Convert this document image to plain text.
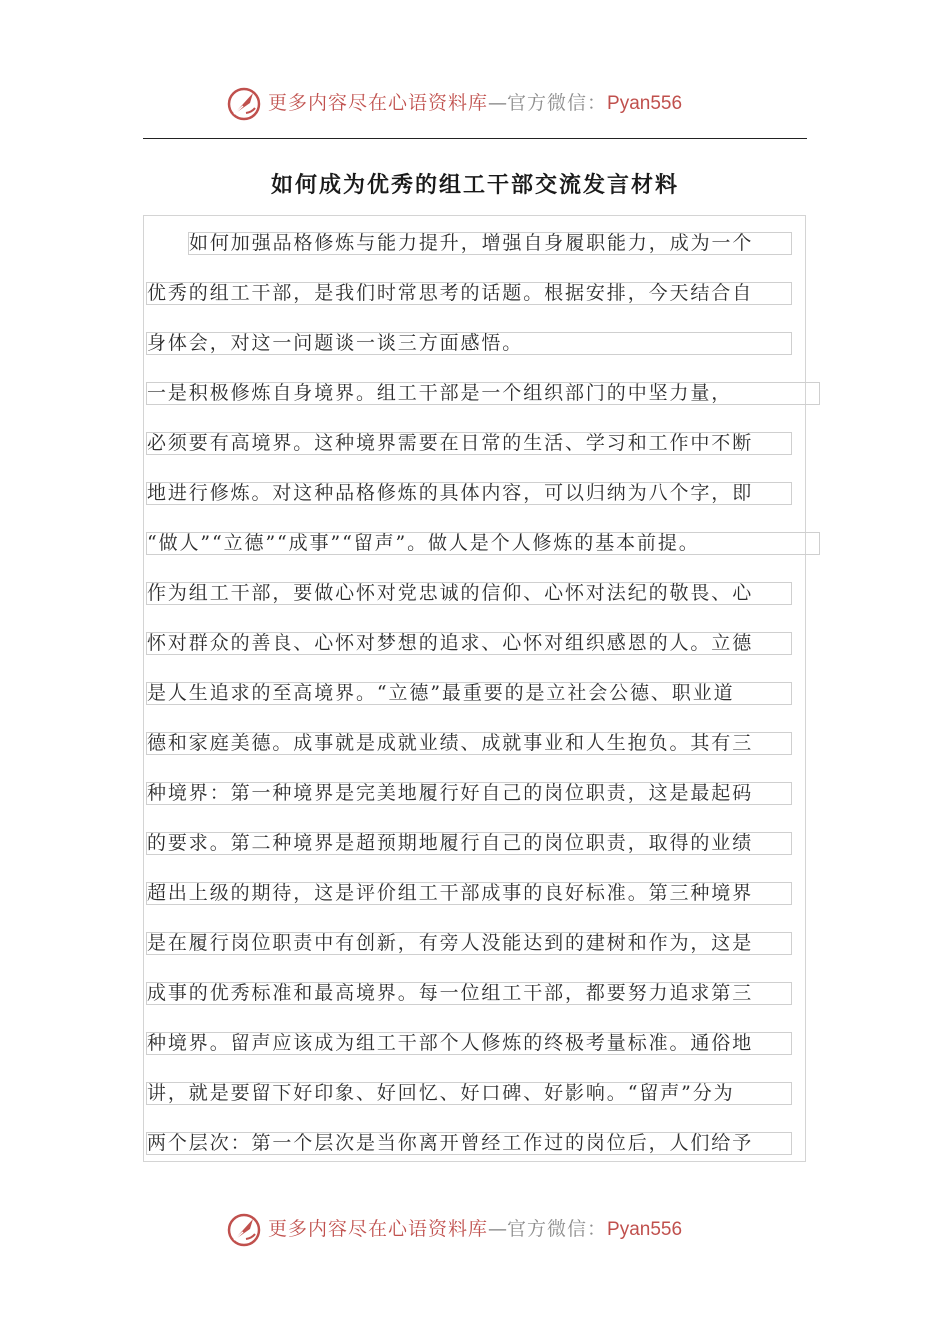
更多内容尽在心语资料库—官方微信：Pyan556
如何成为优秀的组工干部交流发言材料
如何加强品格修炼与能力提升，增强自身履职能力，成为一个
优秀的组工干部，是我们时常思考的话题。根据安排，今天结合自
身体会，对这一问题谈一谈三方面感悟。
一是积极修炼自身境界。组工干部是一个组织部门的中坚力量，
必须要有高境界。这种境界需要在日常的生活、学习和工作中不断
地进行修炼。对这种品格修炼的具体内容，可以归纳为八个字，即
“做人”“立德”“成事”“留声”。做人是个人修炼的基本前提。
作为组工干部，要做心怀对党忠诚的信仰、心怀对法纪的敬畏、心
怀对群众的善良、心怀对梦想的追求、心怀对组织感恩的人。立德
是人生追求的至高境界。“立德”最重要的是立社会公德、职业道
德和家庭美德。成事就是成就业绩、成就事业和人生抱负。其有三
种境界：第一种境界是完美地履行好自己的岗位职责，这是最起码
的要求。第二种境界是超预期地履行自己的岗位职责，取得的业绩
超出上级的期待，这是评价组工干部成事的良好标准。第三种境界
是在履行岗位职责中有创新，有旁人没能达到的建树和作为，这是
成事的优秀标准和最高境界。每一位组工干部，都要努力追求第三
种境界。留声应该成为组工干部个人修炼的终极考量标准。通俗地
讲，就是要留下好印象、好回忆、好口碑、好影响。“留声”分为
两个层次：第一个层次是当你离开曾经工作过的岗位后，人们给予
更多内容尽在心语资料库—官方微信：Pyan556
